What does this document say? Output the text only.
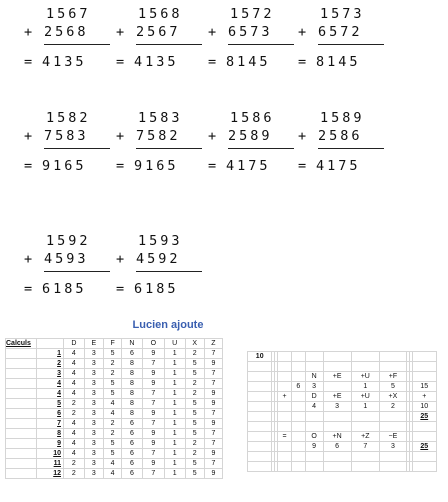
1567
+ 2568
= 4135
1568
+ 2567
= 4135
1572
+ 6573
= 8145
1573
+ 6572
= 8145
1582
+ 7583
= 9165
1583
+ 7582
= 9165
1586
+ 2589
= 4175
1589
+ 2586
= 4175
1592
+ 4593
= 6185
1593
+ 4592
= 6185
Lucien ajoute
Calculs		D	E	F	N	O	U	X	Z
	1	4	3	5	6	9	1	2	7
	2	4	3	2	8	7	1	5	9
	3	4	3	2	8	9	1	5	7
	4	4	3	5	8	9	1	2	7
	4	4	3	5	8	7	1	2	9
	5	2	3	4	8	7	1	5	9
	6	2	3	4	8	9	1	5	7
	7	4	3	2	6	7	1	5	9
	8	4	3	2	6	9	1	5	7
	9	4	3	5	6	9	1	2	7
	10	4	3	5	6	7	1	2	9
	11	2	3	4	6	9	1	5	7
	12	2	3	4	6	7	1	5	9
10											

					N	+E	+U	+F			
				6	3		1	5			15
			+		D	+E	+U	+X			+
					4	3	1	2			10
											25

			=		O	+N	+Z	−E			
					9	6	7	3			25
